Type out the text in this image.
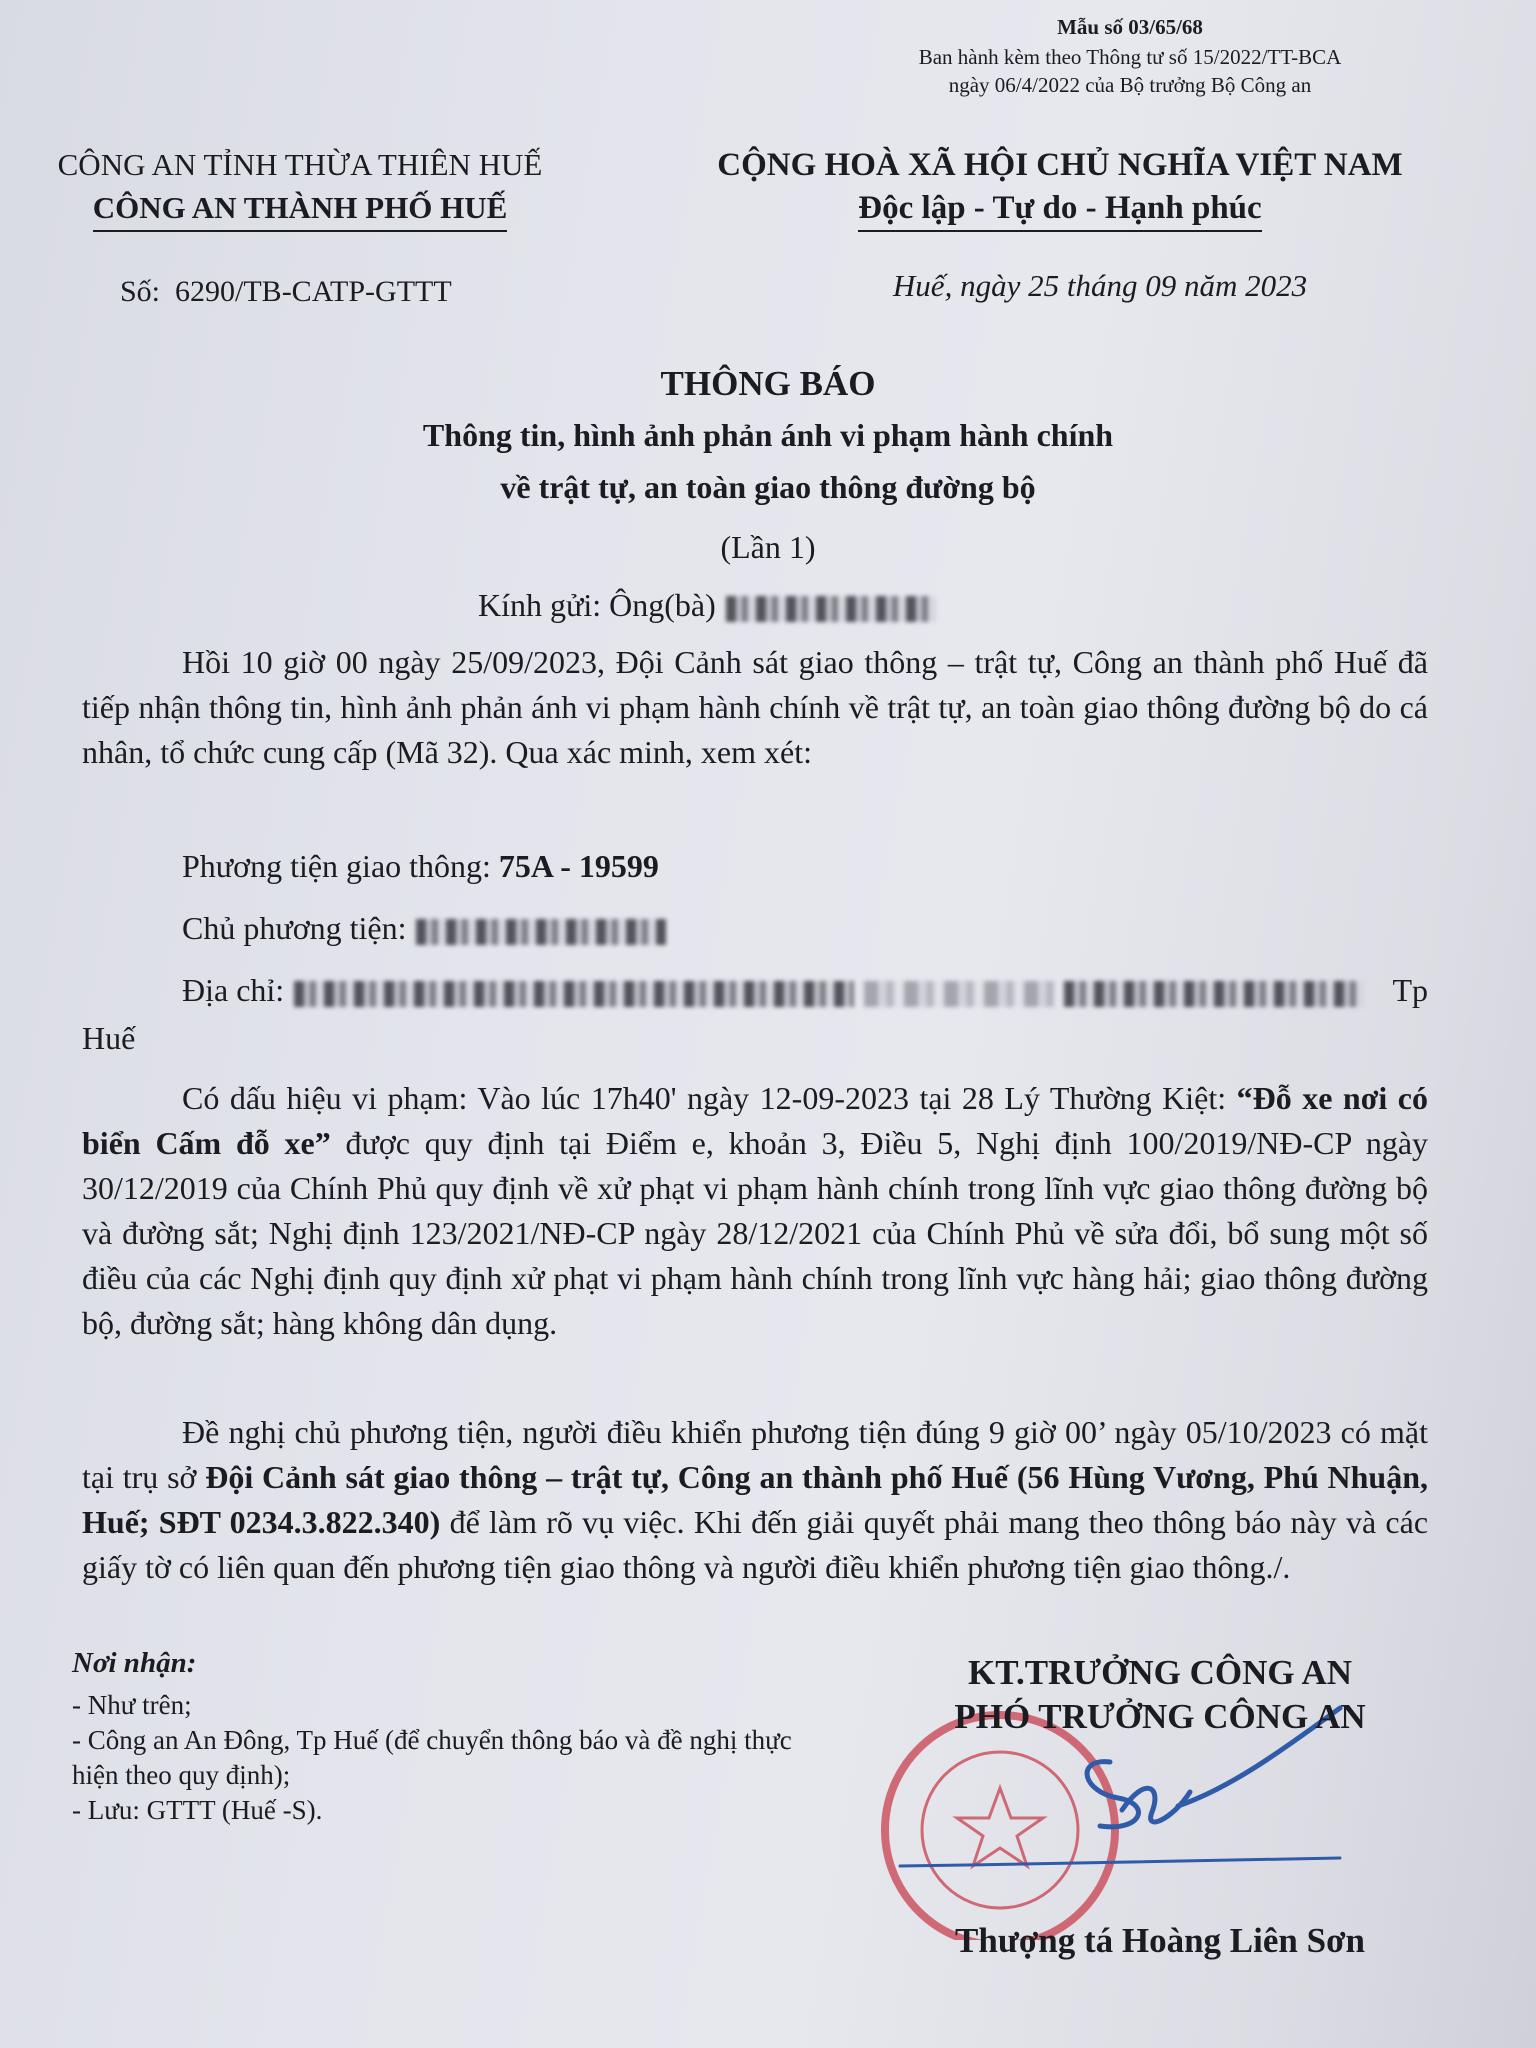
Mẫu số 03/65/68
Ban hành kèm theo Thông tư số 15/2022/TT-BCA
ngày 06/4/2022 của Bộ trưởng Bộ Công an
CÔNG AN TỈNH THỪA THIÊN HUẾ
CÔNG AN THÀNH PHỐ HUẾ
CỘNG HOÀ XÃ HỘI CHỦ NGHĨA VIỆT NAM
Độc lập - Tự do - Hạnh phúc
Số:  6290/TB-CATP-GTTT	Huế, ngày 25 tháng 09 năm 2023
THÔNG BÁO
Thông tin, hình ảnh phản ánh vi phạm hành chính
về trật tự, an toàn giao thông đường bộ
(Lần 1)
Kính gửi: Ông(bà)
Hồi 10 giờ 00 ngày 25/09/2023, Đội Cảnh sát giao thông – trật tự, Công an thành phố Huế đã tiếp nhận thông tin, hình ảnh phản ánh vi phạm hành chính về trật tự, an toàn giao thông đường bộ do cá nhân, tổ chức cung cấp (Mã 32). Qua xác minh, xem xét:
Phương tiện giao thông: 75A - 19599
Chủ phương tiện:
Địa chỉ:	Tp
Huế
Có dấu hiệu vi phạm: Vào lúc 17h40' ngày 12-09-2023 tại 28 Lý Thường Kiệt: “Đỗ xe nơi có biển Cấm đỗ xe” được quy định tại Điểm e, khoản 3, Điều 5, Nghị định 100/2019/NĐ-CP ngày 30/12/2019 của Chính Phủ quy định về xử phạt vi phạm hành chính trong lĩnh vực giao thông đường bộ và đường sắt; Nghị định 123/2021/NĐ-CP ngày 28/12/2021 của Chính Phủ về sửa đổi, bổ sung một số điều của các Nghị định quy định xử phạt vi phạm hành chính trong lĩnh vực hàng hải; giao thông đường bộ, đường sắt; hàng không dân dụng.
Đề nghị chủ phương tiện, người điều khiển phương tiện đúng 9 giờ 00’ ngày 05/10/2023 có mặt tại trụ sở Đội Cảnh sát giao thông – trật tự, Công an thành phố Huế (56 Hùng Vương, Phú Nhuận, Huế; SĐT 0234.3.822.340) để làm rõ vụ việc. Khi đến giải quyết phải mang theo thông báo này và các giấy tờ có liên quan đến phương tiện giao thông và người điều khiển phương tiện giao thông./.
Nơi nhận:
- Như trên;
- Công an An Đông, Tp Huế (để chuyển thông báo và đề nghị thực hiện theo quy định);
- Lưu: GTTT (Huế -S).
KT.TRƯỞNG CÔNG AN
PHÓ TRƯỞNG CÔNG AN
Thượng tá Hoàng Liên Sơn
